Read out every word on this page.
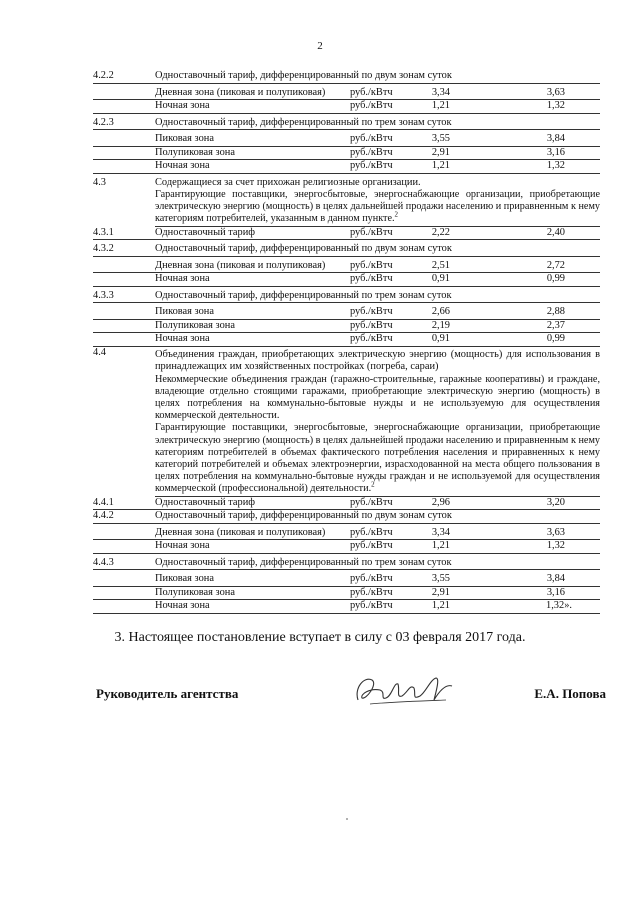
2
4.2.2	Одноставочный тариф, дифференцированный по двум зонам суток
Дневная зона (пиковая и полупиковая)	руб./кВтч	3,34	3,63
Ночная зона	руб./кВтч	1,21	1,32
4.2.3	Одноставочный тариф, дифференцированный по трем зонам суток
Пиковая зона	руб./кВтч	3,55	3,84
Полупиковая зона	руб./кВтч	2,91	3,16
Ночная зона	руб./кВтч	1,21	1,32
4.3	Содержащиеся за счет прихожан религиозные организации.
Гарантирующие поставщики, энергосбытовые, энергоснабжающие организации, приобретающие электрическую энергию (мощность) в целях дальнейшей продажи населению и приравненным к нему категориям потребителей, указанным в данном пункте.$^2$
4.3.1	Одноставочный тариф	руб./кВтч	2,22	2,40
4.3.2	Одноставочный тариф, дифференцированный по двум зонам суток
Дневная зона (пиковая и полупиковая)	руб./кВтч	2,51	2,72
Ночная зона	руб./кВтч	0,91	0,99
4.3.3	Одноставочный тариф, дифференцированный по трем зонам суток
Пиковая зона	руб./кВтч	2,66	2,88
Полупиковая зона	руб./кВтч	2,19	2,37
Ночная зона	руб./кВтч	0,91	0,99
4.4	Объединения граждан, приобретающих электрическую энергию (мощность) для использования в принадлежащих им хозяйственных постройках (погреба, сараи)
Некоммерческие объединения граждан (гаражно-строительные, гаражные кооперативы) и граждане, владеющие отдельно стоящими гаражами, приобретающие электрическую энергию (мощность) в целях потребления на коммунально-бытовые нужды и не используемую для осуществления коммерческой деятельности.
Гарантирующие поставщики, энергосбытовые, энергоснабжающие организации, приобретающие электрическую энергию (мощность) в целях дальнейшей продажи населению и приравненным к нему категориям потребителей в объемах фактического потребления населения и приравненных к нему категорий потребителей и объемах электроэнергии, израсходованной на места общего пользования в целях потребления на коммунально-бытовые нужды граждан и не используемой для осуществления коммерческой (профессиональной) деятельности.$^2$
4.4.1	Одноставочный тариф	руб./кВтч	2,96	3,20
4.4.2	Одноставочный тариф, дифференцированный по двум зонам суток
Дневная зона (пиковая и полупиковая)	руб./кВтч	3,34	3,63
Ночная зона	руб./кВтч	1,21	1,32
4.4.3	Одноставочный тариф, дифференцированный по трем зонам суток
Пиковая зона	руб./кВтч	3,55	3,84
Полупиковая зона	руб./кВтч	2,91	3,16
Ночная зона	руб./кВтч	1,21	1,32».
3. Настоящее постановление вступает в силу с 03 февраля 2017 года.
Руководитель агентства	Е.А. Попова
